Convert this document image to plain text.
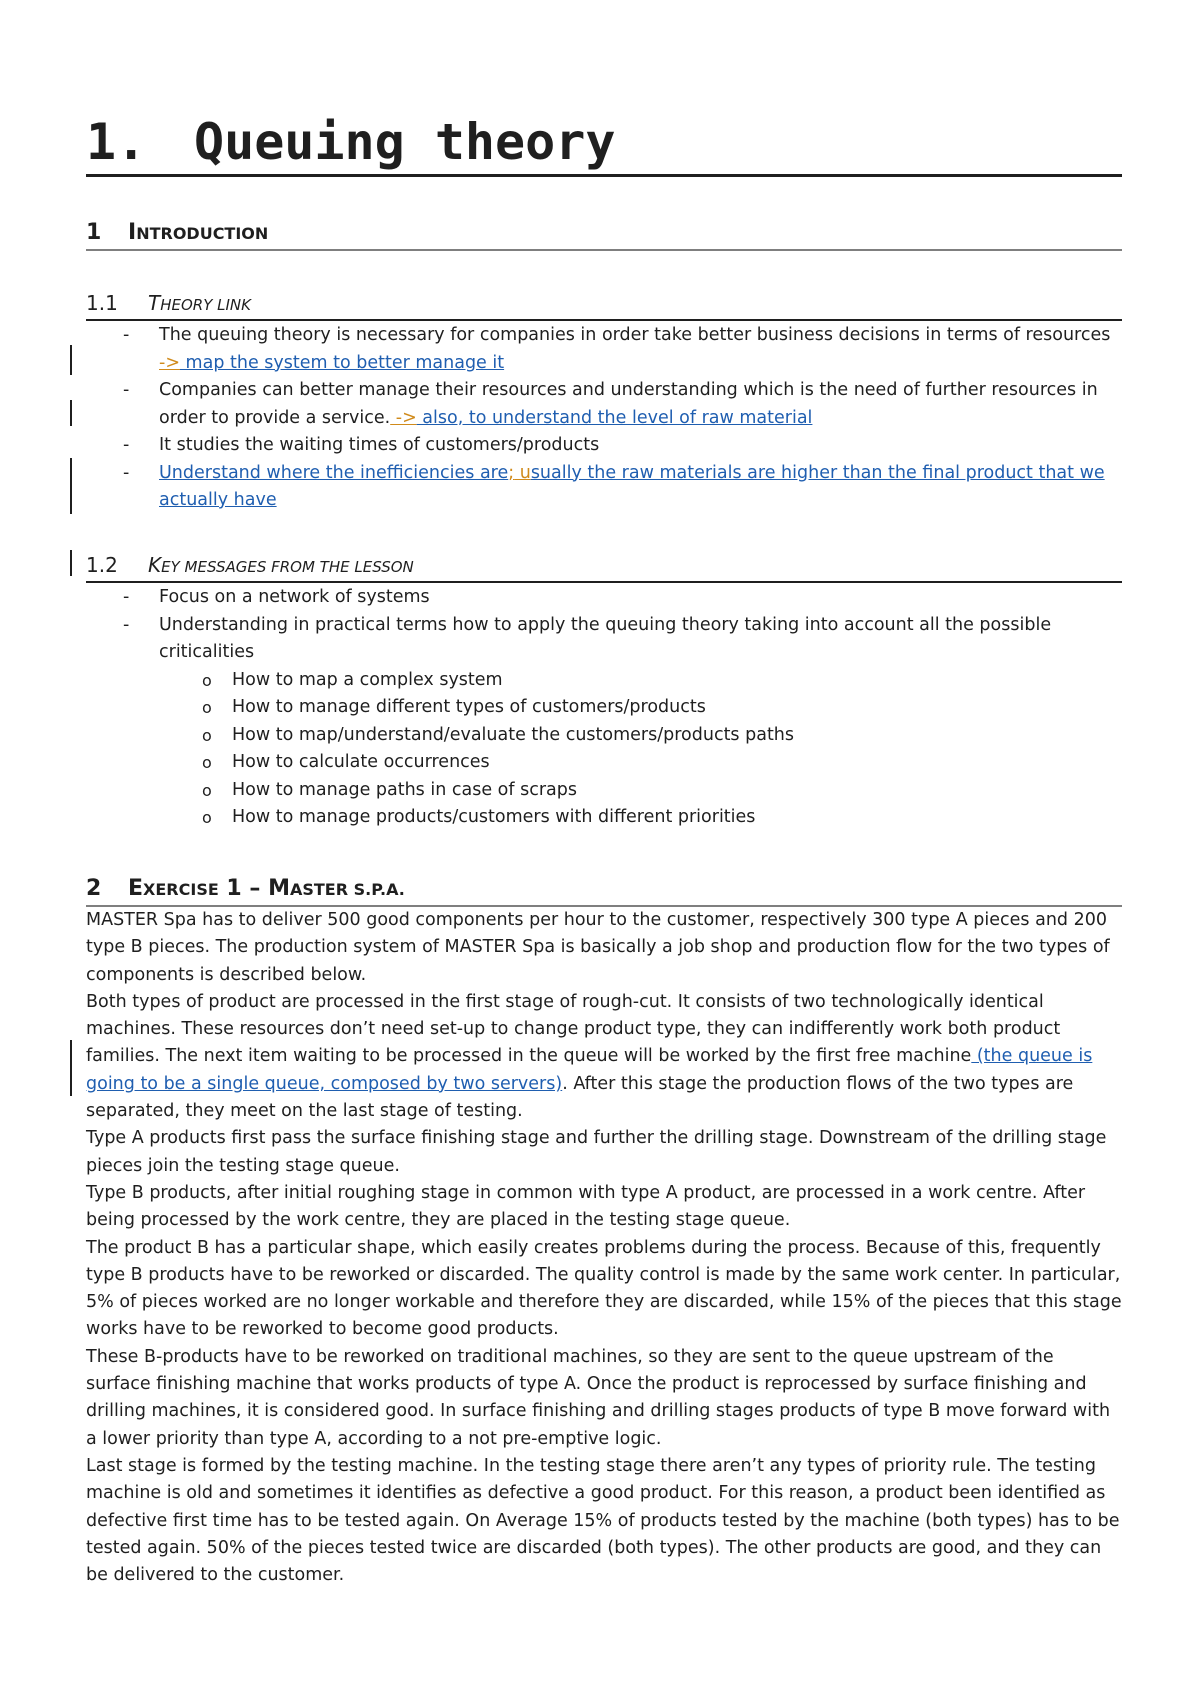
1. Queuing theory
1 INTRODUCTION
1.1 THEORY LINK
- The queuing theory is necessary for companies in order take better business decisions in terms of resources -> map the system to better manage it
- Companies can better manage their resources and understanding which is the need of further resources in order to provide a service. -> also, to understand the level of raw material
- It studies the waiting times of customers/products
- Understand where the inefficiencies are; usually the raw materials are higher than the final product that we actually have
1.2 KEY MESSAGES FROM THE LESSON
- Focus on a network of systems
- Understanding in practical terms how to apply the queuing theory taking into account all the possible criticalities
o How to map a complex system
o How to manage different types of customers/products
o How to map/understand/evaluate the customers/products paths
o How to calculate occurrences
o How to manage paths in case of scraps
o How to manage products/customers with different priorities
2 EXERCISE 1 – MASTER S.P.A.

MASTER Spa has to deliver 500 good components per hour to the customer, respectively 300 type A pieces and 200 type B pieces. The production system of MASTER Spa is basically a job shop and production flow for the two types of components is described below.

Both types of product are processed in the first stage of rough-cut. It consists of two technologically identical machines. These resources don’t need set-up to change product type, they can indifferently work both product families. The next item waiting to be processed in the queue will be worked by the first free machine (the queue is going to be a single queue, composed by two servers). After this stage the production flows of the two types are separated, they meet on the last stage of testing.

Type A products first pass the surface finishing stage and further the drilling stage. Downstream of the drilling stage pieces join the testing stage queue.

Type B products, after initial roughing stage in common with type A product, are processed in a work centre. After being processed by the work centre, they are placed in the testing stage queue.

The product B has a particular shape, which easily creates problems during the process. Because of this, frequently type B products have to be reworked or discarded. The quality control is made by the same work center. In particular, 5% of pieces worked are no longer workable and therefore they are discarded, while 15% of the pieces that this stage works have to be reworked to become good products.

These B-products have to be reworked on traditional machines, so they are sent to the queue upstream of the surface finishing machine that works products of type A. Once the product is reprocessed by surface finishing and drilling machines, it is considered good. In surface finishing and drilling stages products of type B move forward with a lower priority than type A, according to a not pre-emptive logic.

Last stage is formed by the testing machine. In the testing stage there aren’t any types of priority rule. The testing machine is old and sometimes it identifies as defective a good product. For this reason, a product been identified as defective first time has to be tested again. On Average 15% of products tested by the machine (both types) has to be tested again. 50% of the pieces tested twice are discarded (both types). The other products are good, and they can be delivered to the customer.
